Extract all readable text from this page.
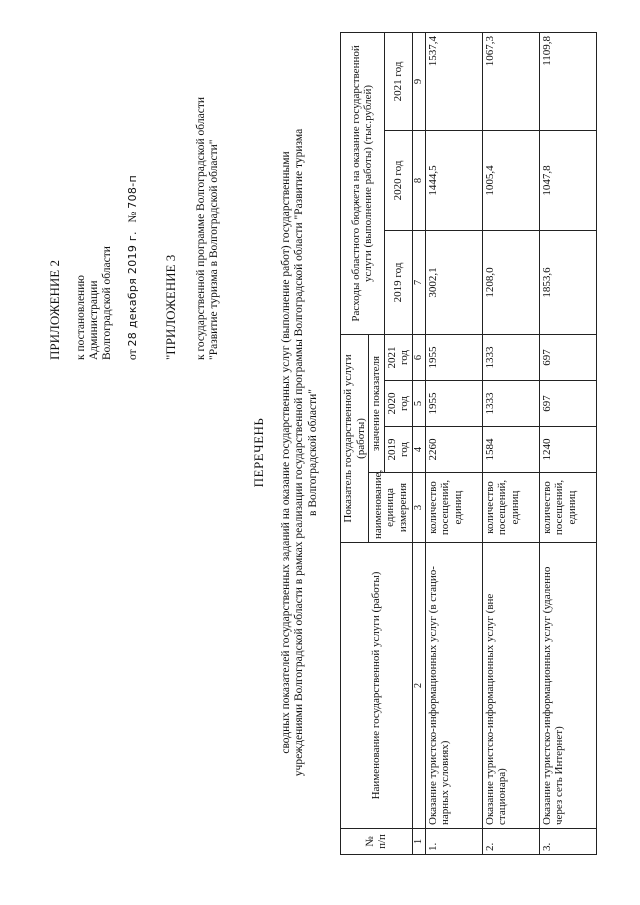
ПРИЛОЖЕНИЕ 2 к постановлению Администрации Волгоградской области от 28 декабря 2019 г.   № 708-п
"ПРИЛОЖЕНИЕ 3 к государственной программе Волгоградской области "Развитие туризма в Волгоградской области"
ПЕРЕЧЕНЬ сводных показателей государственных заданий на оказание государственных услуг (выполнение работ) государственными учреждениями Волгоградской области в рамках реализации государственной программы Волгоградской области "Развитие туризма в Волгоградской области"
№ п/п	Наименование государственной услуги (работы)	Показатель государственной услуги (работы)				Расходы областного бюджета на оказание государственной услуги (выполнение работы) (тыс.рублей)		
		наименование, единица измерения	значение показателя					
			2019 год	2020 год	2021 год	2019 год	2020 год	2021 год
1	2	3	4	5	6	7	8	9
1.	Оказание туристско-информационных услуг (в стацио-нарных условиях)	количество посещений, единиц	2260	1955	1955	3002,1	1444,5	1537,4
2.	Оказание туристско-информационных услуг (вне стационара)	количество посещений, единиц	1584	1333	1333	1208,0	1005,4	1067,3
3.	Оказание туристско-информационных услуг (удаленно через сеть Интернет)	количество посещений, единиц	1240	697	697	1853,6	1047,8	1109,8
